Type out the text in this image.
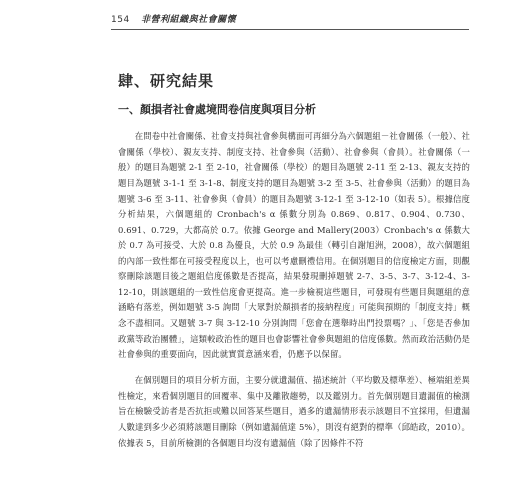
154 非營利組織與社會關懷
肆、研究結果
一、顏損者社會處境問卷信度與項目分析

在問卷中社會關係、社會支持與社會參與構面可再細分為六個題組－社會關係（一般）、社會關係（學校）、親友支持、制度支持、社會參與（活動）、社會參與（會員）。社會關係（一般）的題目為題號 2-1 至 2-10，社會關係（學校）的題目為題號 2-11 至 2-13、親友支持的題目為題號 3-1-1 至 3-1-8、制度支持的題目為題號 3-2 至 3-5、社會參與（活動）的題目為題號 3-6 至 3-11、社會參與（會員）的題目為題號 3-12-1 至 3-12-10（如表 5）。根據信度分析結果，六個題組的 Cronbach's α 係數分別為 0.869、0.817、0.904、0.730、0.691、0.729，大都高於 0.7。依據 George and Mallery(2003）Cronbach's α 係數大於 0.7 為可接受、大於 0.8 為優良，大於 0.9 為最佳（轉引自謝旭洲，2008），故六個題組的內部一致性都在可接受程度以上，也可以考慮刪禮信用。在個別題目的信度檢定方面，則觀察刪除該題目後之題組信度係數是否提高，結果發現刪掉題號 2-7、3-5、3-7、3-12-4、3-12-10，則該題組的一致性信度會更提高。進一步檢視這些題目，可發現有些題目與題組的意涵略有落差，例如題號 3-5 詢問「大眾對於顏損者的接納程度」可能與預期的「制度支持」概念不盡相同。又題號 3-7 與 3-12-10 分別詢問「您會在選舉時出門投票嗎？」、「您是否參加政黨等政治團體」，這類較政治性的題目也會影響社會參與題組的信度係數。然而政治活動仍是社會參與的重要面向，因此就實質意涵來看，仍應予以保留。

在個別題目的項目分析方面，主要分就遺漏值、描述統計（平均數及標準差）、極端組差異性檢定，來看個別題目的回覆率、集中及離散趨勢，以及鑑別力。首先個別題目遺漏值的檢測旨在檢驗受訪者是否抗拒或難以回答某些題目，過多的遺漏情形表示該題目不宜採用，但遺漏人數達到多少必須將該題目刪除（例如遺漏值達 5%），則沒有絕對的標準（邱皓政，2010）。依據表 5，目前所檢測的各個題目均沒有遺漏值（除了因條件不符
